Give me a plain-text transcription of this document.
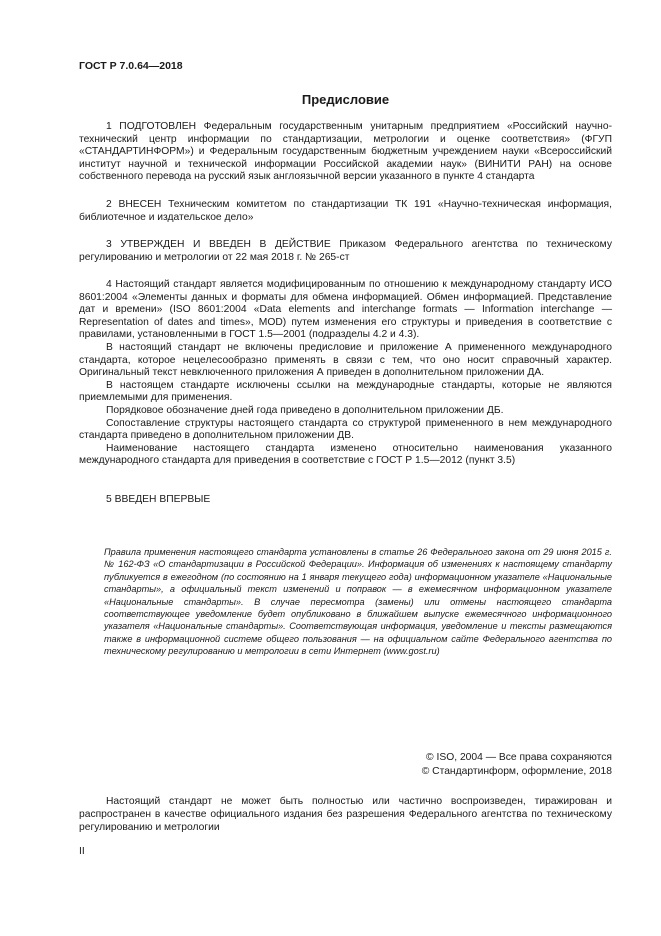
ГОСТ Р 7.0.64—2018
Предисловие

1 ПОДГОТОВЛЕН Федеральным государственным унитарным предприятием «Российский научно-технический центр информации по стандартизации, метрологии и оценке соответствия» (ФГУП «СТАНДАРТИНФОРМ») и Федеральным государственным бюджетным учреждением науки «Всероссийский институт научной и технической информации Российской академии наук» (ВИНИТИ РАН) на основе собственного перевода на русский язык англоязычной версии указанного в пункте 4 стандарта

2 ВНЕСЕН Техническим комитетом по стандартизации ТК 191 «Научно-техническая информация, библиотечное и издательское дело»

3 УТВЕРЖДЕН И ВВЕДЕН В ДЕЙСТВИЕ Приказом Федерального агентства по техническому регулированию и метрологии от 22 мая 2018 г. № 265-ст

4 Настоящий стандарт является модифицированным по отношению к международному стандарту ИСО 8601:2004 «Элементы данных и форматы для обмена информацией. Обмен информацией. Представление дат и времени» (ISO 8601:2004 «Data elements and interchange formats — Information interchange — Representation of dates and times», MOD) путем изменения его структуры и приведения в соответствие с правилами, установленными в ГОСТ 1.5—2001 (подразделы 4.2 и 4.3).

В настоящий стандарт не включены предисловие и приложение А примененного международного стандарта, которое нецелесообразно применять в связи с тем, что оно носит справочный характер. Оригинальный текст невключенного приложения А приведен в дополнительном приложении ДА.

В настоящем стандарте исключены ссылки на международные стандарты, которые не являются приемлемыми для применения.

Порядковое обозначение дней года приведено в дополнительном приложении ДБ.

Сопоставление структуры настоящего стандарта со структурой примененного в нем международного стандарта приведено в дополнительном приложении ДВ.

Наименование настоящего стандарта изменено относительно наименования указанного международного стандарта для приведения в соответствие с ГОСТ Р 1.5—2012 (пункт 3.5)

5 ВВЕДЕН ВПЕРВЫЕ

Правила применения настоящего стандарта установлены в статье 26 Федерального закона от 29 июня 2015 г. № 162-ФЗ «О стандартизации в Российской Федерации». Информация об изменениях к настоящему стандарту публикуется в ежегодном (по состоянию на 1 января текущего года) информационном указателе «Национальные стандарты», а официальный текст изменений и поправок — в ежемесячном информационном указателе «Национальные стандарты». В случае пересмотра (замены) или отмены настоящего стандарта соответствующее уведомление будет опубликовано в ближайшем выпуске ежемесячного информационного указателя «Национальные стандарты». Соответствующая информация, уведомление и тексты размещаются также в информационной системе общего пользования — на официальном сайте Федерального агентства по техническому регулированию и метрологии в сети Интернет (www.gost.ru)
© ISO, 2004 — Все права сохраняются
© Стандартинформ, оформление, 2018
Настоящий стандарт не может быть полностью или частично воспроизведен, тиражирован и распространен в качестве официального издания без разрешения Федерального агентства по техническому регулированию и метрологии
II
